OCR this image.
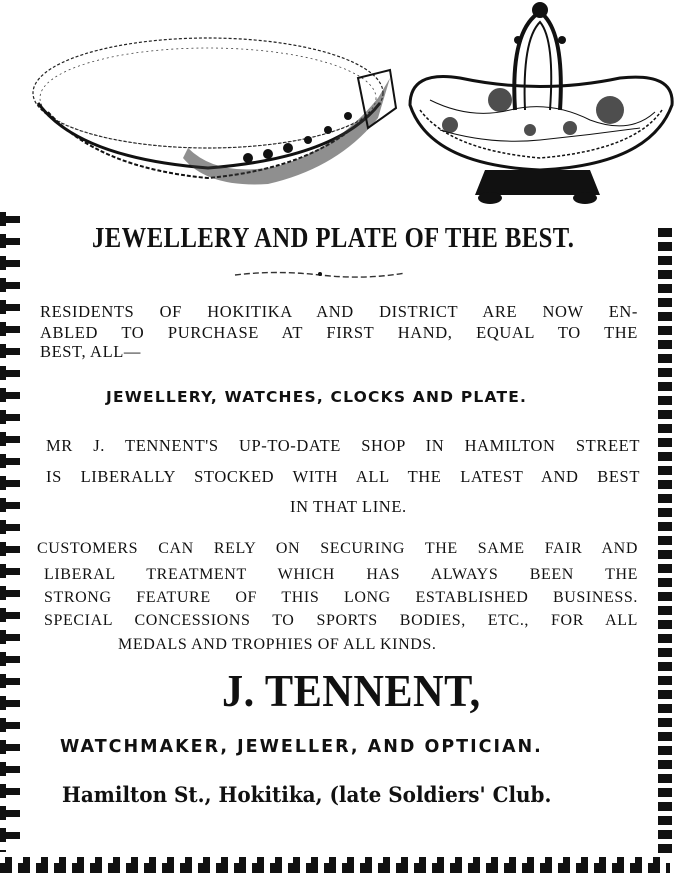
JEWELLERY AND PLATE OF THE BEST.
RESIDENTS OF HOKITIKA AND DISTRICT ARE NOW EN-
ABLED TO PURCHASE AT FIRST HAND, EQUAL TO THE
BEST, ALL—
JEWELLERY, WATCHES, CLOCKS AND PLATE.
MR J. TENNENT'S UP-TO-DATE SHOP IN HAMILTON STREET
IS LIBERALLY STOCKED WITH ALL THE LATEST AND BEST
IN THAT LINE.
CUSTOMERS CAN RELY ON SECURING THE SAME FAIR AND
LIBERAL TREATMENT WHICH HAS ALWAYS BEEN THE
STRONG FEATURE OF THIS LONG ESTABLISHED BUSINESS.
SPECIAL CONCESSIONS TO SPORTS BODIES, ETC., FOR ALL
MEDALS AND TROPHIES OF ALL KINDS.
J. TENNENT,
WATCHMAKER, JEWELLER, AND OPTICIAN.
Hamilton St., Hokitika, (late Soldiers' Club.
